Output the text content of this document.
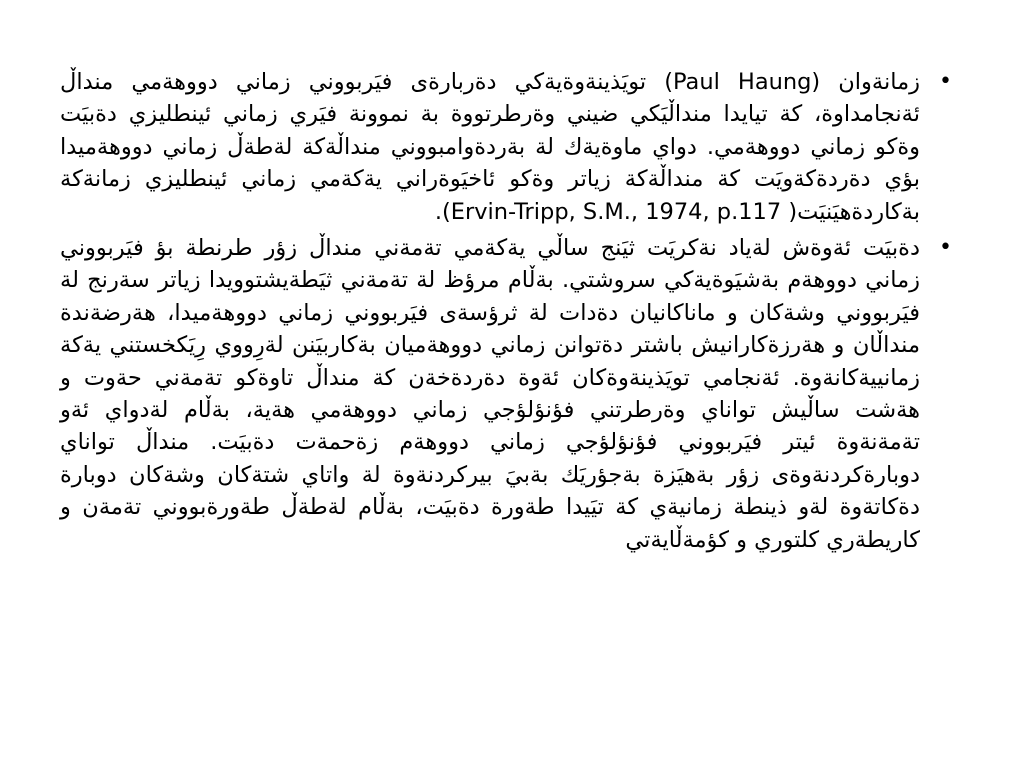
•
زمانةوان (Paul Haung) تويَذينةوةيةكي دةربارةى فيَربووني زماني دووهةمي منداڵ ئةنجامداوة، كة تيايدا منداڵيَكي ضيني وةرطرتووة بة نموونة فيَري زماني ئينطليزي دةبيَت وةكو زماني دووهةمي. دواي ماوةيةك لة بةردةوامبووني منداڵةكة لةطةڵ زماني دووهةميدا بؤي دةردةكةويَت كة منداڵةكة زياتر وةكو ئاخيَوةراني يةكةمي زماني ئينطليزي زمانةكة بةكاردةهيَنيَت( Ervin-Tripp, S.M., 1974, p.117).
•
دةبيَت ئةوةش لةياد نةكريَت ثيَنج ساڵي يةكةمي تةمةني منداڵ زؤر طرنطة بؤ فيَربووني زماني دووهةم بةشيَوةيةكي سروشتي. بةڵام مرؤظ لة تةمةني ثيَطةيشتوويدا زياتر سةرنج لة فيَربووني وشةكان و ماناكانيان دةدات لة ثرؤسةى فيَربووني زماني دووهةميدا، هةرضةندة منداڵان و هةرزةكارانيش باشتر دةتوانن زماني دووهةميان بةكاربيَنن لةرِووي رِيَكخستني يةكة زمانييةكانةوة. ئةنجامي تويَذينةوةكان ئةوة دةردةخةن كة منداڵ تاوةكو تةمةني حةوت و هةشت ساڵيش تواناي وةرطرتني فؤنؤلؤجي زماني دووهةمي هةية، بةڵام لةدواي ئةو تةمةنةوة ئيتر فيَربووني فؤنؤلؤجي زماني دووهةم زةحمةت دةبيَت. منداڵ تواناي دوبارةكردنةوةى زؤر بةهيَزة بةجؤريَك بةبيَ بيركردنةوة لة واتاي شتةكان وشةكان دوبارة دةكاتةوة لةو ذينطة زمانيةي كة تيَيدا طةورة دةبيَت، بةڵام لةطةڵ طةورةبووني تةمةن و كاريطةري كلتوري و كؤمةڵايةتي
